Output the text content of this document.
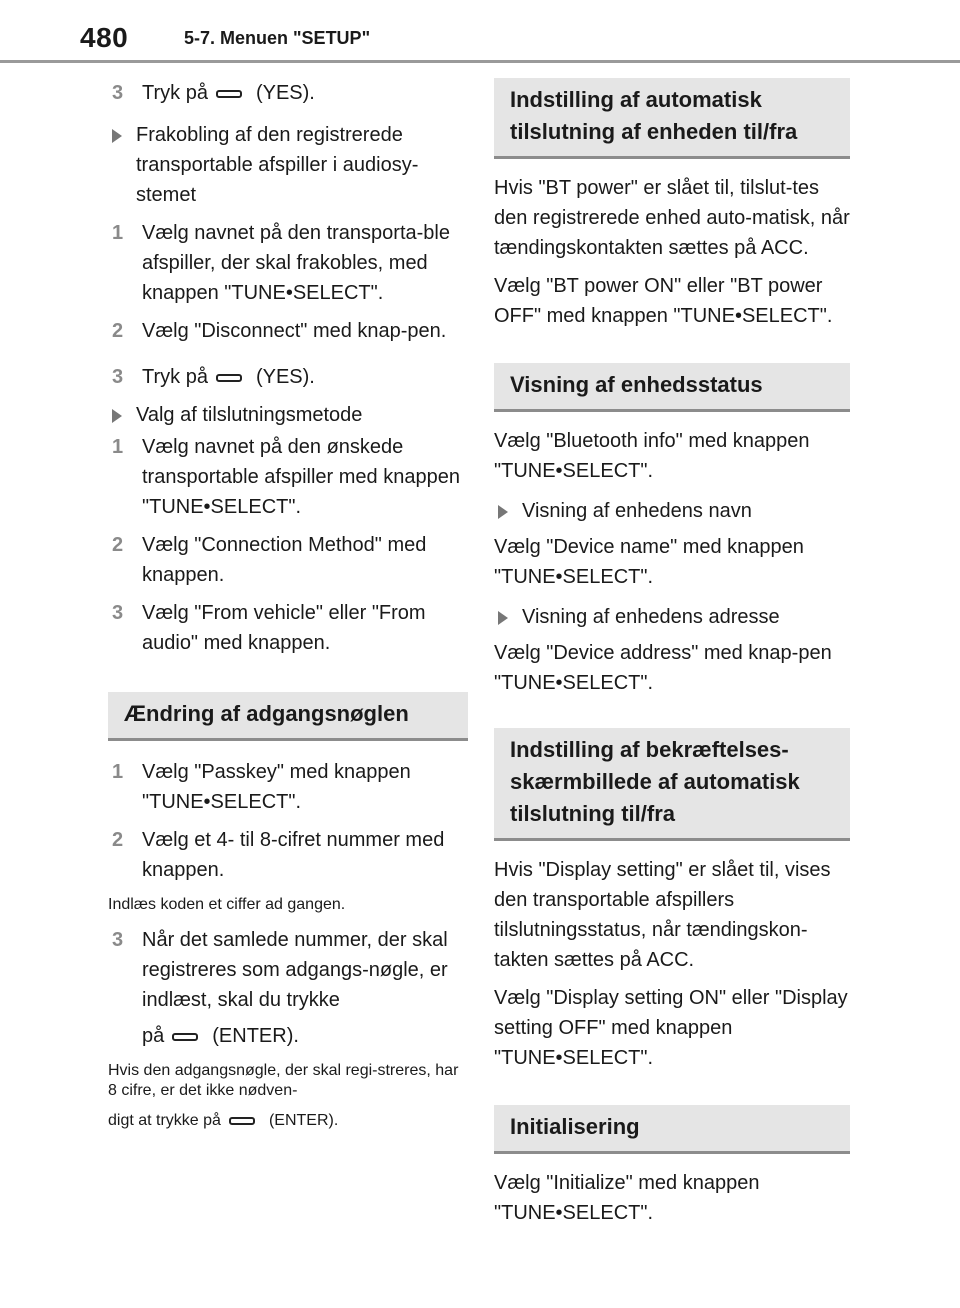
480	5-7. Menuen "SETUP"
3 Tryk på (YES).
Frakobling af den registrerede transportable afspiller i audiosy-stemet
1 Vælg navnet på den transporta-ble afspiller, der skal frakobles, med knappen "TUNE•SELECT".
2 Vælg "Disconnect" med knap-pen.
3 Tryk på (YES).
Valg af tilslutningsmetode
1 Vælg navnet på den ønskede transportable afspiller med knappen "TUNE•SELECT".
2 Vælg "Connection Method" med knappen.
3 Vælg "From vehicle" eller "From audio" med knappen.
Ændring af adgangsnøglen
1 Vælg "Passkey" med knappen "TUNE•SELECT".
2 Vælg et 4- til 8-cifret nummer med knappen.

Indlæs koden et ciffer ad gangen.

3 Når det samlede nummer, der skal registreres som adgangs-nøgle, er indlæst, skal du trykke
på (ENTER).

Hvis den adgangsnøgle, der skal regi-streres, har 8 cifre, er det ikke nødven-

digt at trykke på	(ENTER).

Indstilling af automatisk tilslutning af enheden til/fra

Hvis "BT power" er slået til, tilslut-tes den registrerede enhed auto-matisk, når tændingskontakten sættes på ACC.

Vælg "BT power ON" eller "BT power OFF" med knappen "TUNE•SELECT".

Visning af enhedsstatus

Vælg "Bluetooth info" med knappen "TUNE•SELECT".

Visning af enhedens navn

Vælg "Device name" med knappen "TUNE•SELECT".

Visning af enhedens adresse

Vælg "Device address" med knap-pen "TUNE•SELECT".

Indstilling af bekræftelses-skærmbillede af automatisk tilslutning til/fra

Hvis "Display setting" er slået til, vises den transportable afspillers tilslutningsstatus, når tændingskon-takten sættes på ACC.

Vælg "Display setting ON" eller "Display setting OFF" med knappen "TUNE•SELECT".

Initialisering

Vælg "Initialize" med knappen "TUNE•SELECT".
